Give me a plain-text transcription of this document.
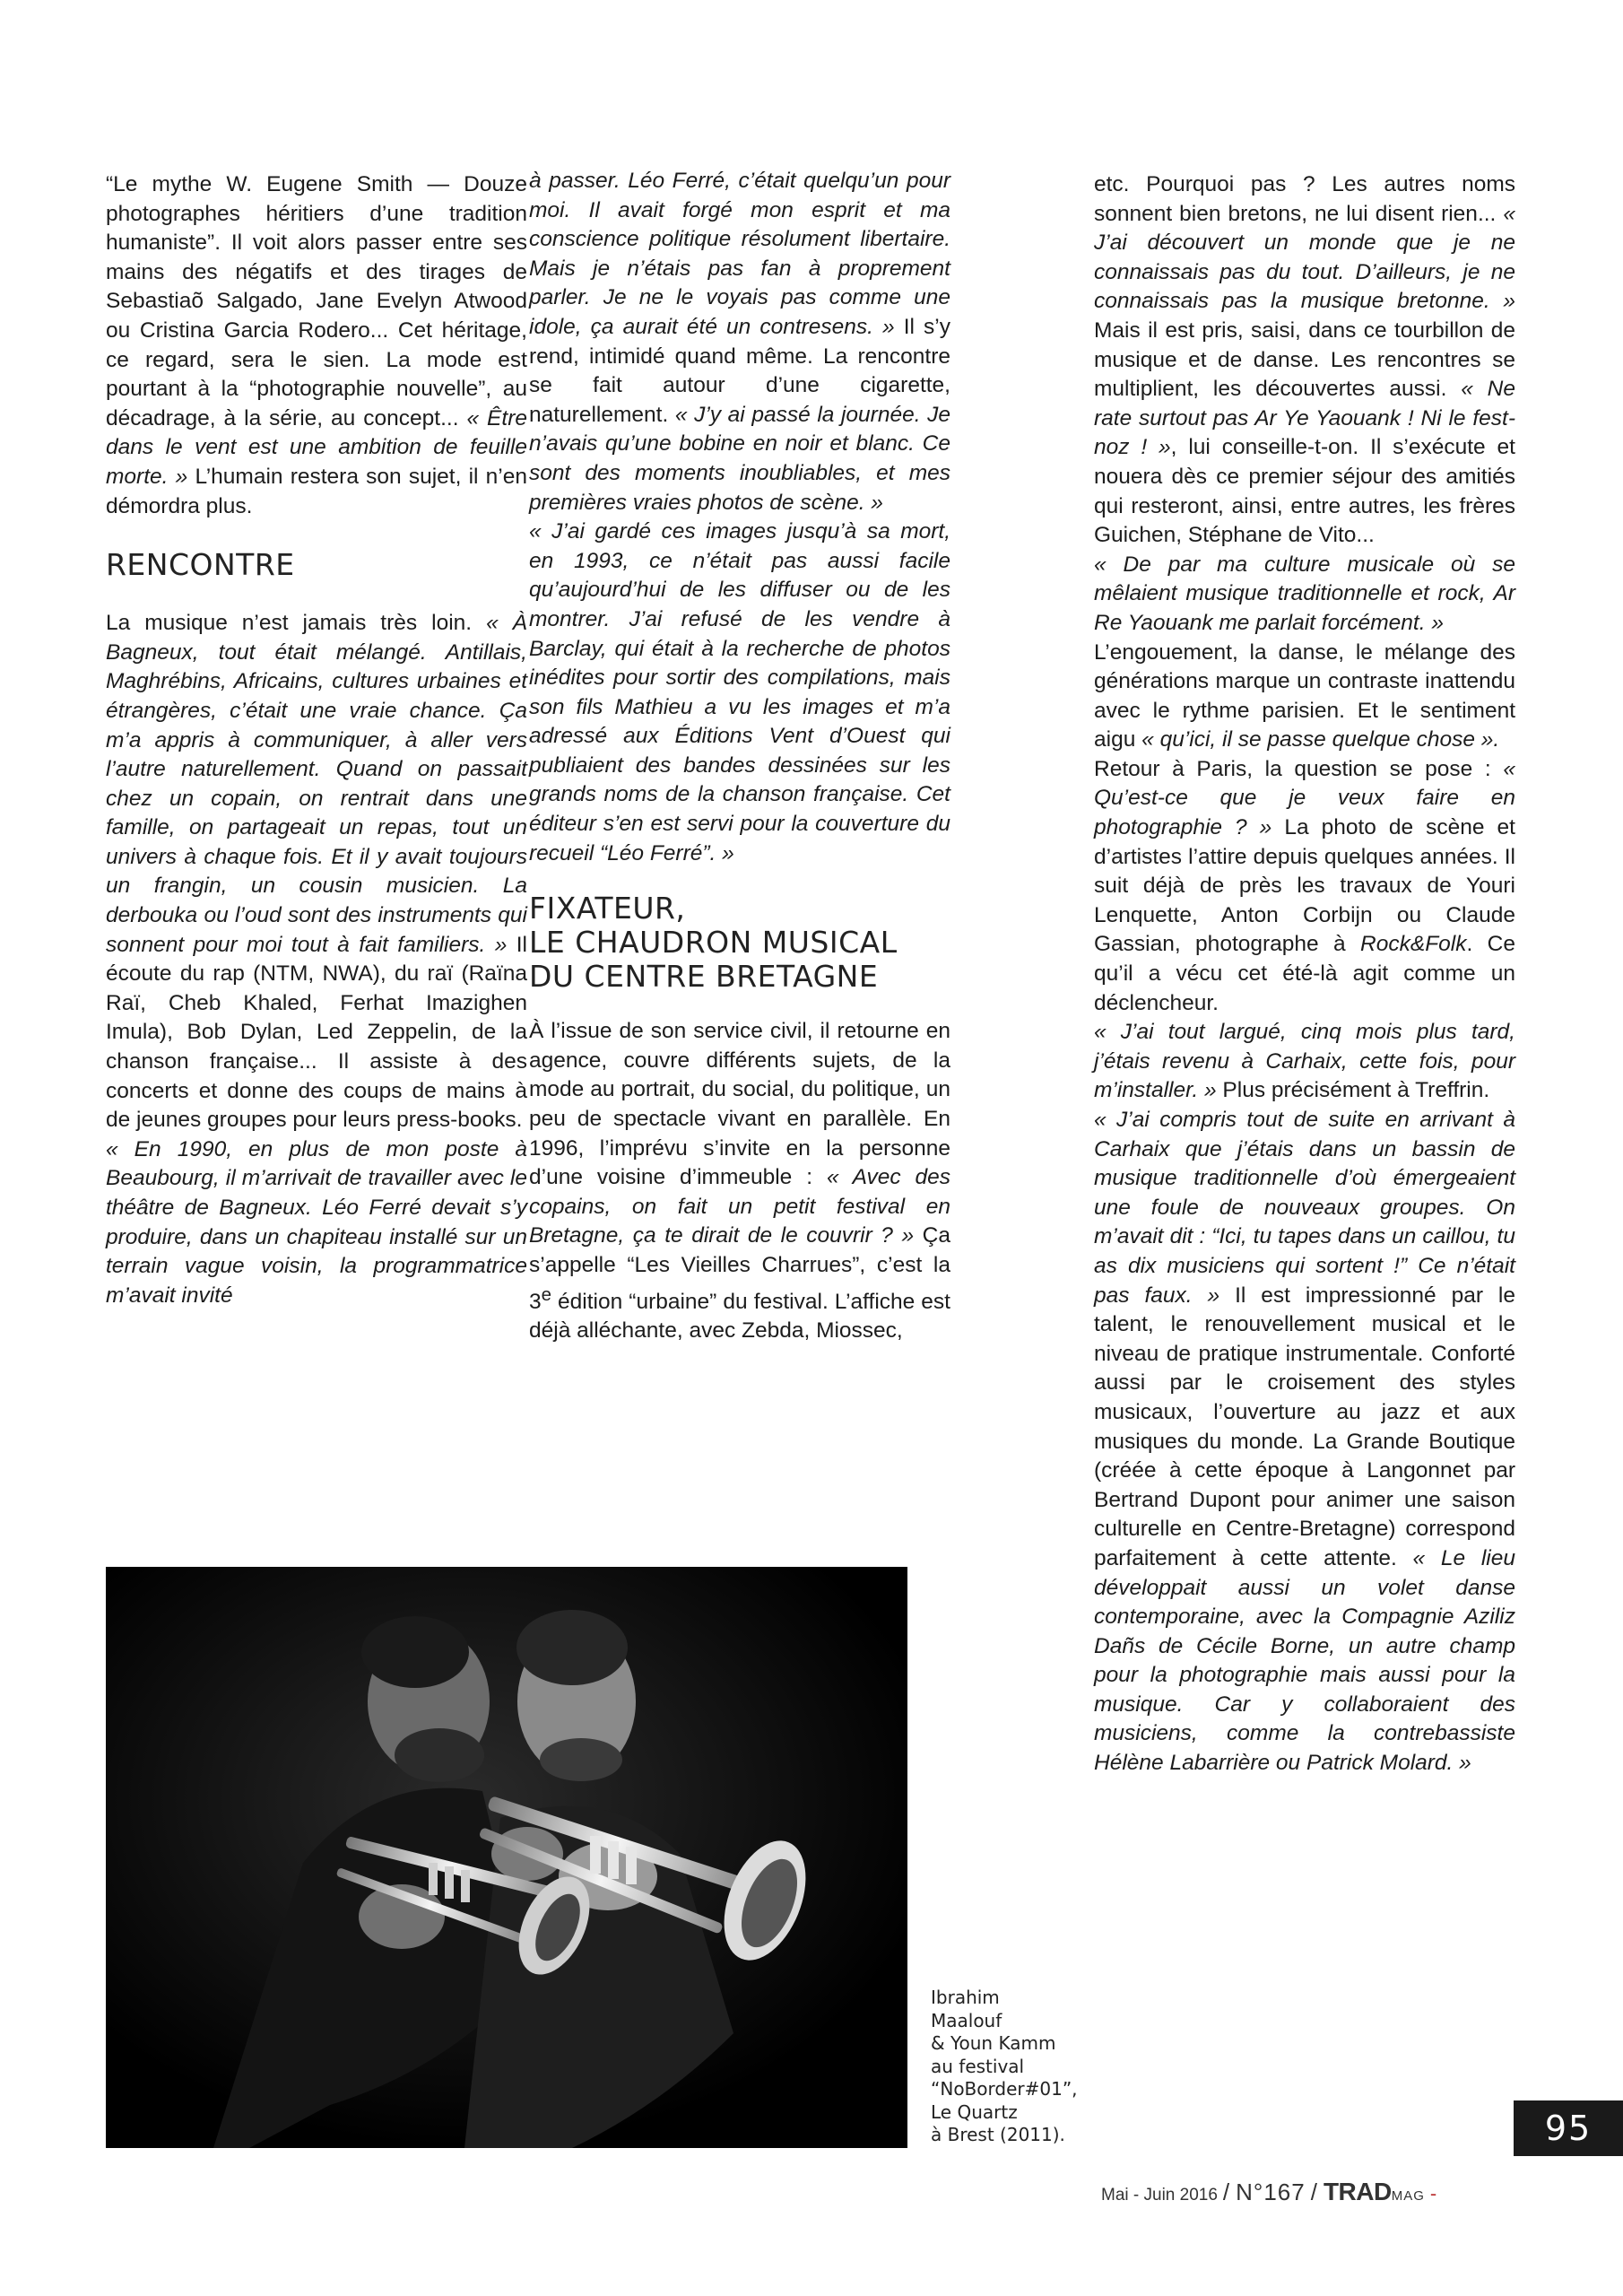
“Le mythe W. Eugene Smith — Douze photographes héritiers d’une tradition humaniste”. Il voit alors passer entre ses mains des négatifs et des tirages de Sebastiaõ Salgado, Jane Evelyn Atwood ou Cristina Garcia Rodero... Cet héritage, ce regard, sera le sien. La mode est pourtant à la “photographie nouvelle”, au décadrage, à la série, au concept... « Être dans le vent est une ambition de feuille morte. » L’humain restera son sujet, il n’en démordra plus.

RENCONTRE

La musique n’est jamais très loin. « À Bagneux, tout était mélangé. Antillais, Maghrébins, Africains, cultures urbaines et étrangères, c’était une vraie chance. Ça m’a appris à communiquer, à aller vers l’autre naturellement. Quand on passait chez un copain, on rentrait dans une famille, on partageait un repas, tout un univers à chaque fois. Et il y avait toujours un frangin, un cousin musicien. La derbouka ou l’oud sont des instruments qui sonnent pour moi tout à fait familiers. » Il écoute du rap (NTM, NWA), du raï (Raïna Raï, Cheb Khaled, Ferhat Imazighen Imula), Bob Dylan, Led Zeppelin, de la chanson française... Il assiste à des concerts et donne des coups de mains à de jeunes groupes pour leurs press-books.

« En 1990, en plus de mon poste à Beaubourg, il m’arrivait de travailler avec le théâtre de Bagneux. Léo Ferré devait s’y produire, dans un chapiteau installé sur un terrain vague voisin, la programmatrice m’avait invité

à passer. Léo Ferré, c’était quelqu’un pour moi. Il avait forgé mon esprit et ma conscience politique résolument libertaire. Mais je n’étais pas fan à proprement parler. Je ne le voyais pas comme une idole, ça aurait été un contresens. » Il s’y rend, intimidé quand même. La rencontre se fait autour d’une cigarette, naturellement. « J’y ai passé la journée. Je n’avais qu’une bobine en noir et blanc. Ce sont des moments inoubliables, et mes premières vraies photos de scène. »

« J’ai gardé ces images jusqu’à sa mort, en 1993, ce n’était pas aussi facile qu’aujourd’hui de les diffuser ou de les montrer. J’ai refusé de les vendre à Barclay, qui était à la recherche de photos inédites pour sortir des compilations, mais son fils Mathieu a vu les images et m’a adressé aux Éditions Vent d’Ouest qui publiaient des bandes dessinées sur les grands noms de la chanson française. Cet éditeur s’en est servi pour la couverture du recueil “Léo Ferré”. »

FIXATEUR,
LE CHAUDRON MUSICAL
DU CENTRE BRETAGNE

À l’issue de son service civil, il retourne en agence, couvre différents sujets, de la mode au portrait, du social, du politique, un peu de spectacle vivant en parallèle. En 1996, l’imprévu s’invite en la personne d’une voisine d’immeuble : « Avec des copains, on fait un petit festival en Bretagne, ça te dirait de le couvrir ? » Ça s’appelle “Les Vieilles Charrues”, c’est la 3e édition “urbaine” du festival. L’affiche est déjà alléchante, avec Zebda, Miossec,

etc. Pourquoi pas ? Les autres noms sonnent bien bretons, ne lui disent rien... « J’ai découvert un monde que je ne connaissais pas du tout. D’ailleurs, je ne connaissais pas la musique bretonne. » Mais il est pris, saisi, dans ce tourbillon de musique et de danse. Les rencontres se multiplient, les découvertes aussi. « Ne rate surtout pas Ar Ye Yaouank ! Ni le fest-noz ! », lui conseille-t-on. Il s’exécute et nouera dès ce premier séjour des amitiés qui resteront, ainsi, entre autres, les frères Guichen, Stéphane de Vito...

« De par ma culture musicale où se mêlaient musique traditionnelle et rock, Ar Re Yaouank me parlait forcément. »

L’engouement, la danse, le mélange des générations marque un contraste inattendu avec le rythme parisien. Et le sentiment aigu « qu’ici, il se passe quelque chose ».

Retour à Paris, la question se pose : « Qu’est-ce que je veux faire en photographie ? » La photo de scène et d’artistes l’attire depuis quelques années. Il suit déjà de près les travaux de Youri Lenquette, Anton Corbijn ou Claude Gassian, photographe à Rock&Folk. Ce qu’il a vécu cet été-là agit comme un déclencheur.

« J’ai tout largué, cinq mois plus tard, j’étais revenu à Carhaix, cette fois, pour m’installer. » Plus précisément à Treffrin.

« J’ai compris tout de suite en arrivant à Carhaix que j’étais dans un bassin de musique traditionnelle d’où émergeaient une foule de nouveaux groupes. On m’avait dit : “Ici, tu tapes dans un caillou, tu as dix musiciens qui sortent !” Ce n’était pas faux. » Il est impressionné par le talent, le renouvellement musical et le niveau de pratique instrumentale. Conforté aussi par le croisement des styles musicaux, l’ouverture au jazz et aux musiques du monde. La Grande Boutique (créée à cette époque à Langonnet par Bertrand Dupont pour animer une saison culturelle en Centre-Bretagne) correspond parfaitement à cette attente. « Le lieu développait aussi un volet danse contemporaine, avec la Compagnie Aziliz Dañs de Cécile Borne, un autre champ pour la photographie mais aussi pour la musique. Car y collaboraient des musiciens, comme la contrebassiste Hélène Labarrière ou Patrick Molard. »

Ibrahim
Maalouf
& Youn Kamm
au festival
“NoBorder#01”,
Le Quartz
à Brest (2011).	95
Mai - Juin 2016 / N°167 / TRADMAG -
